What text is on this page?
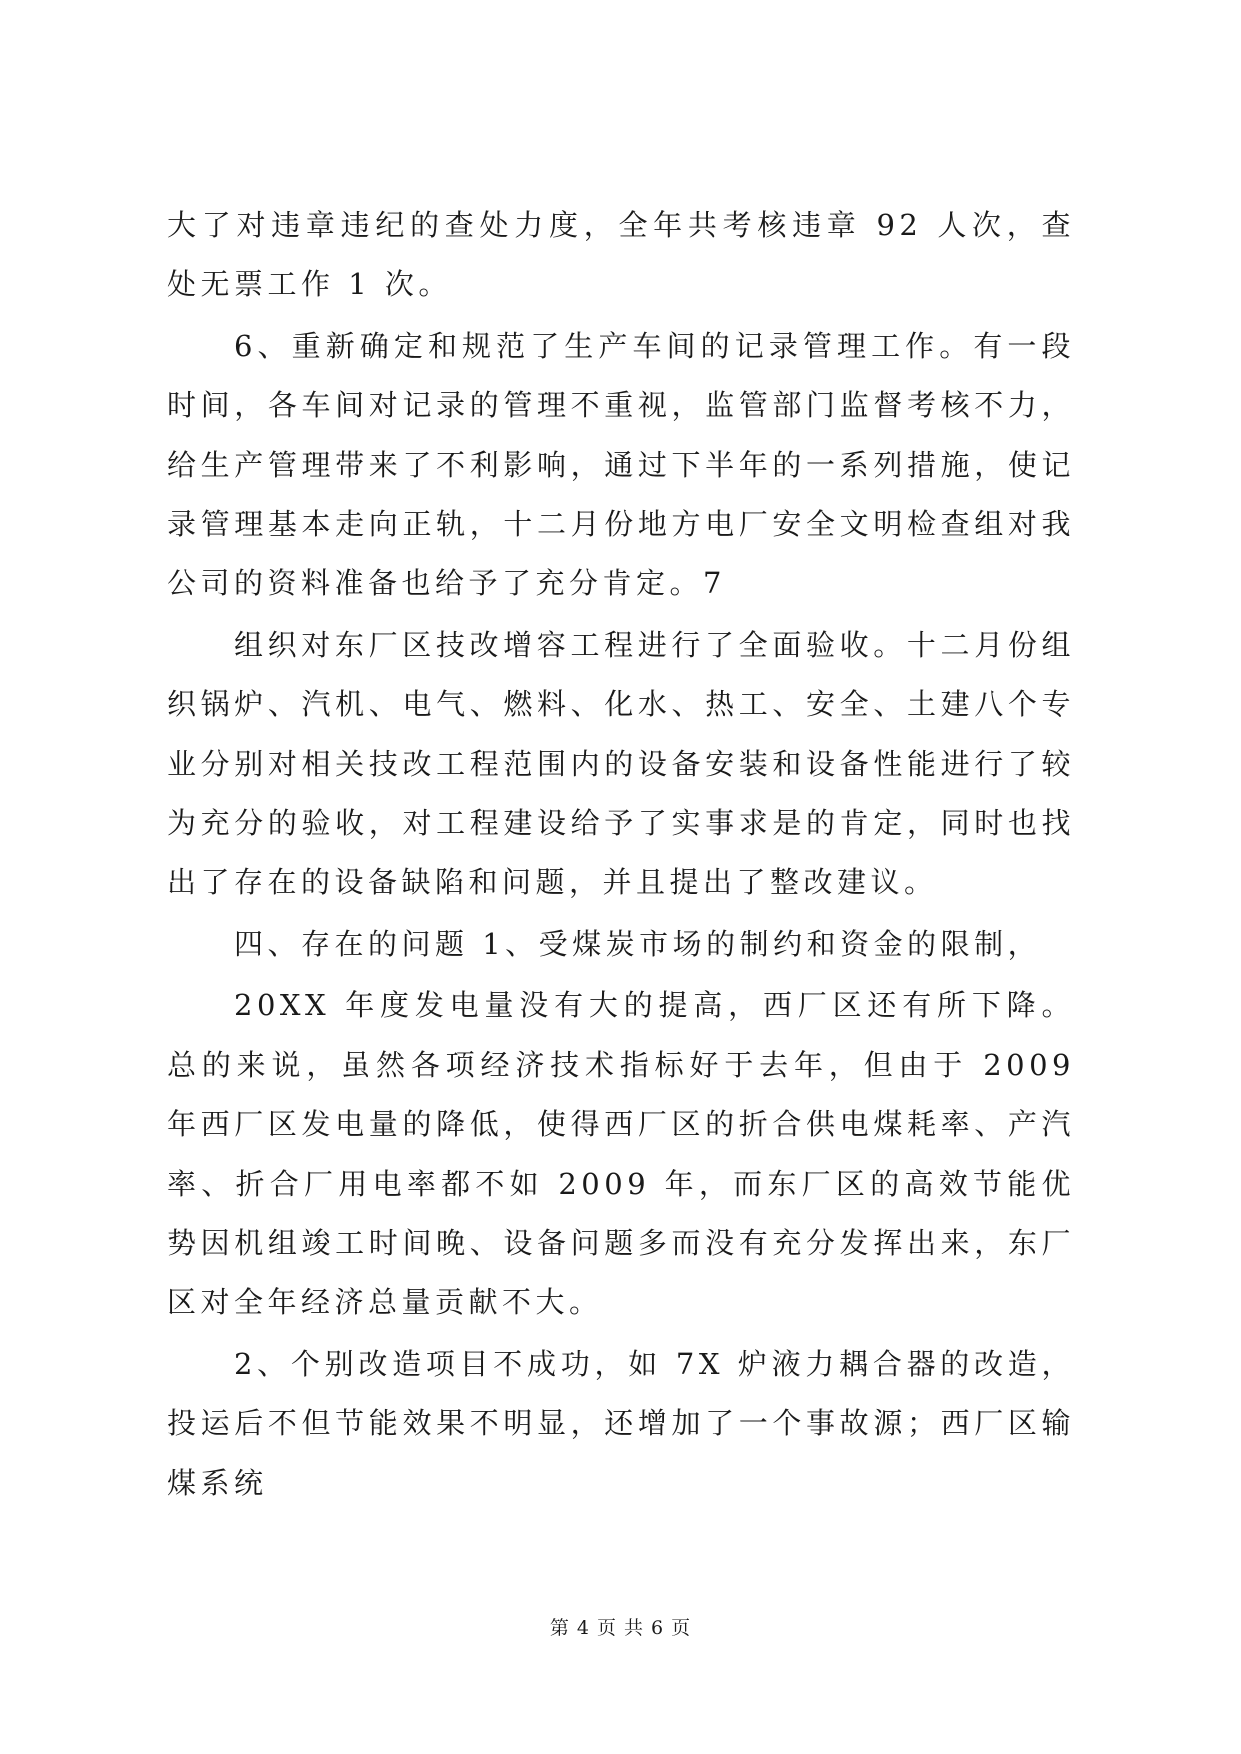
大了对违章违纪的查处力度，全年共考核违章 92 人次，查处无票工作 1 次。

6、重新确定和规范了生产车间的记录管理工作。有一段时间，各车间对记录的管理不重视，监管部门监督考核不力，给生产管理带来了不利影响，通过下半年的一系列措施，使记录管理基本走向正轨，十二月份地方电厂安全文明检查组对我公司的资料准备也给予了充分肯定。7

组织对东厂区技改增容工程进行了全面验收。十二月份组织锅炉、汽机、电气、燃料、化水、热工、安全、土建八个专业分别对相关技改工程范围内的设备安装和设备性能进行了较为充分的验收，对工程建设给予了实事求是的肯定，同时也找出了存在的设备缺陷和问题，并且提出了整改建议。

四、存在的问题 1、受煤炭市场的制约和资金的限制，

20XX 年度发电量没有大的提高，西厂区还有所下降。总的来说，虽然各项经济技术指标好于去年，但由于 2009 年西厂区发电量的降低，使得西厂区的折合供电煤耗率、产汽率、折合厂用电率都不如 2009 年，而东厂区的高效节能优势因机组竣工时间晚、设备问题多而没有充分发挥出来，东厂区对全年经济总量贡献不大。

2、个别改造项目不成功，如 7X 炉液力耦合器的改造，投运后不但节能效果不明显，还增加了一个事故源；西厂区输煤系统

第 4 页 共 6 页
